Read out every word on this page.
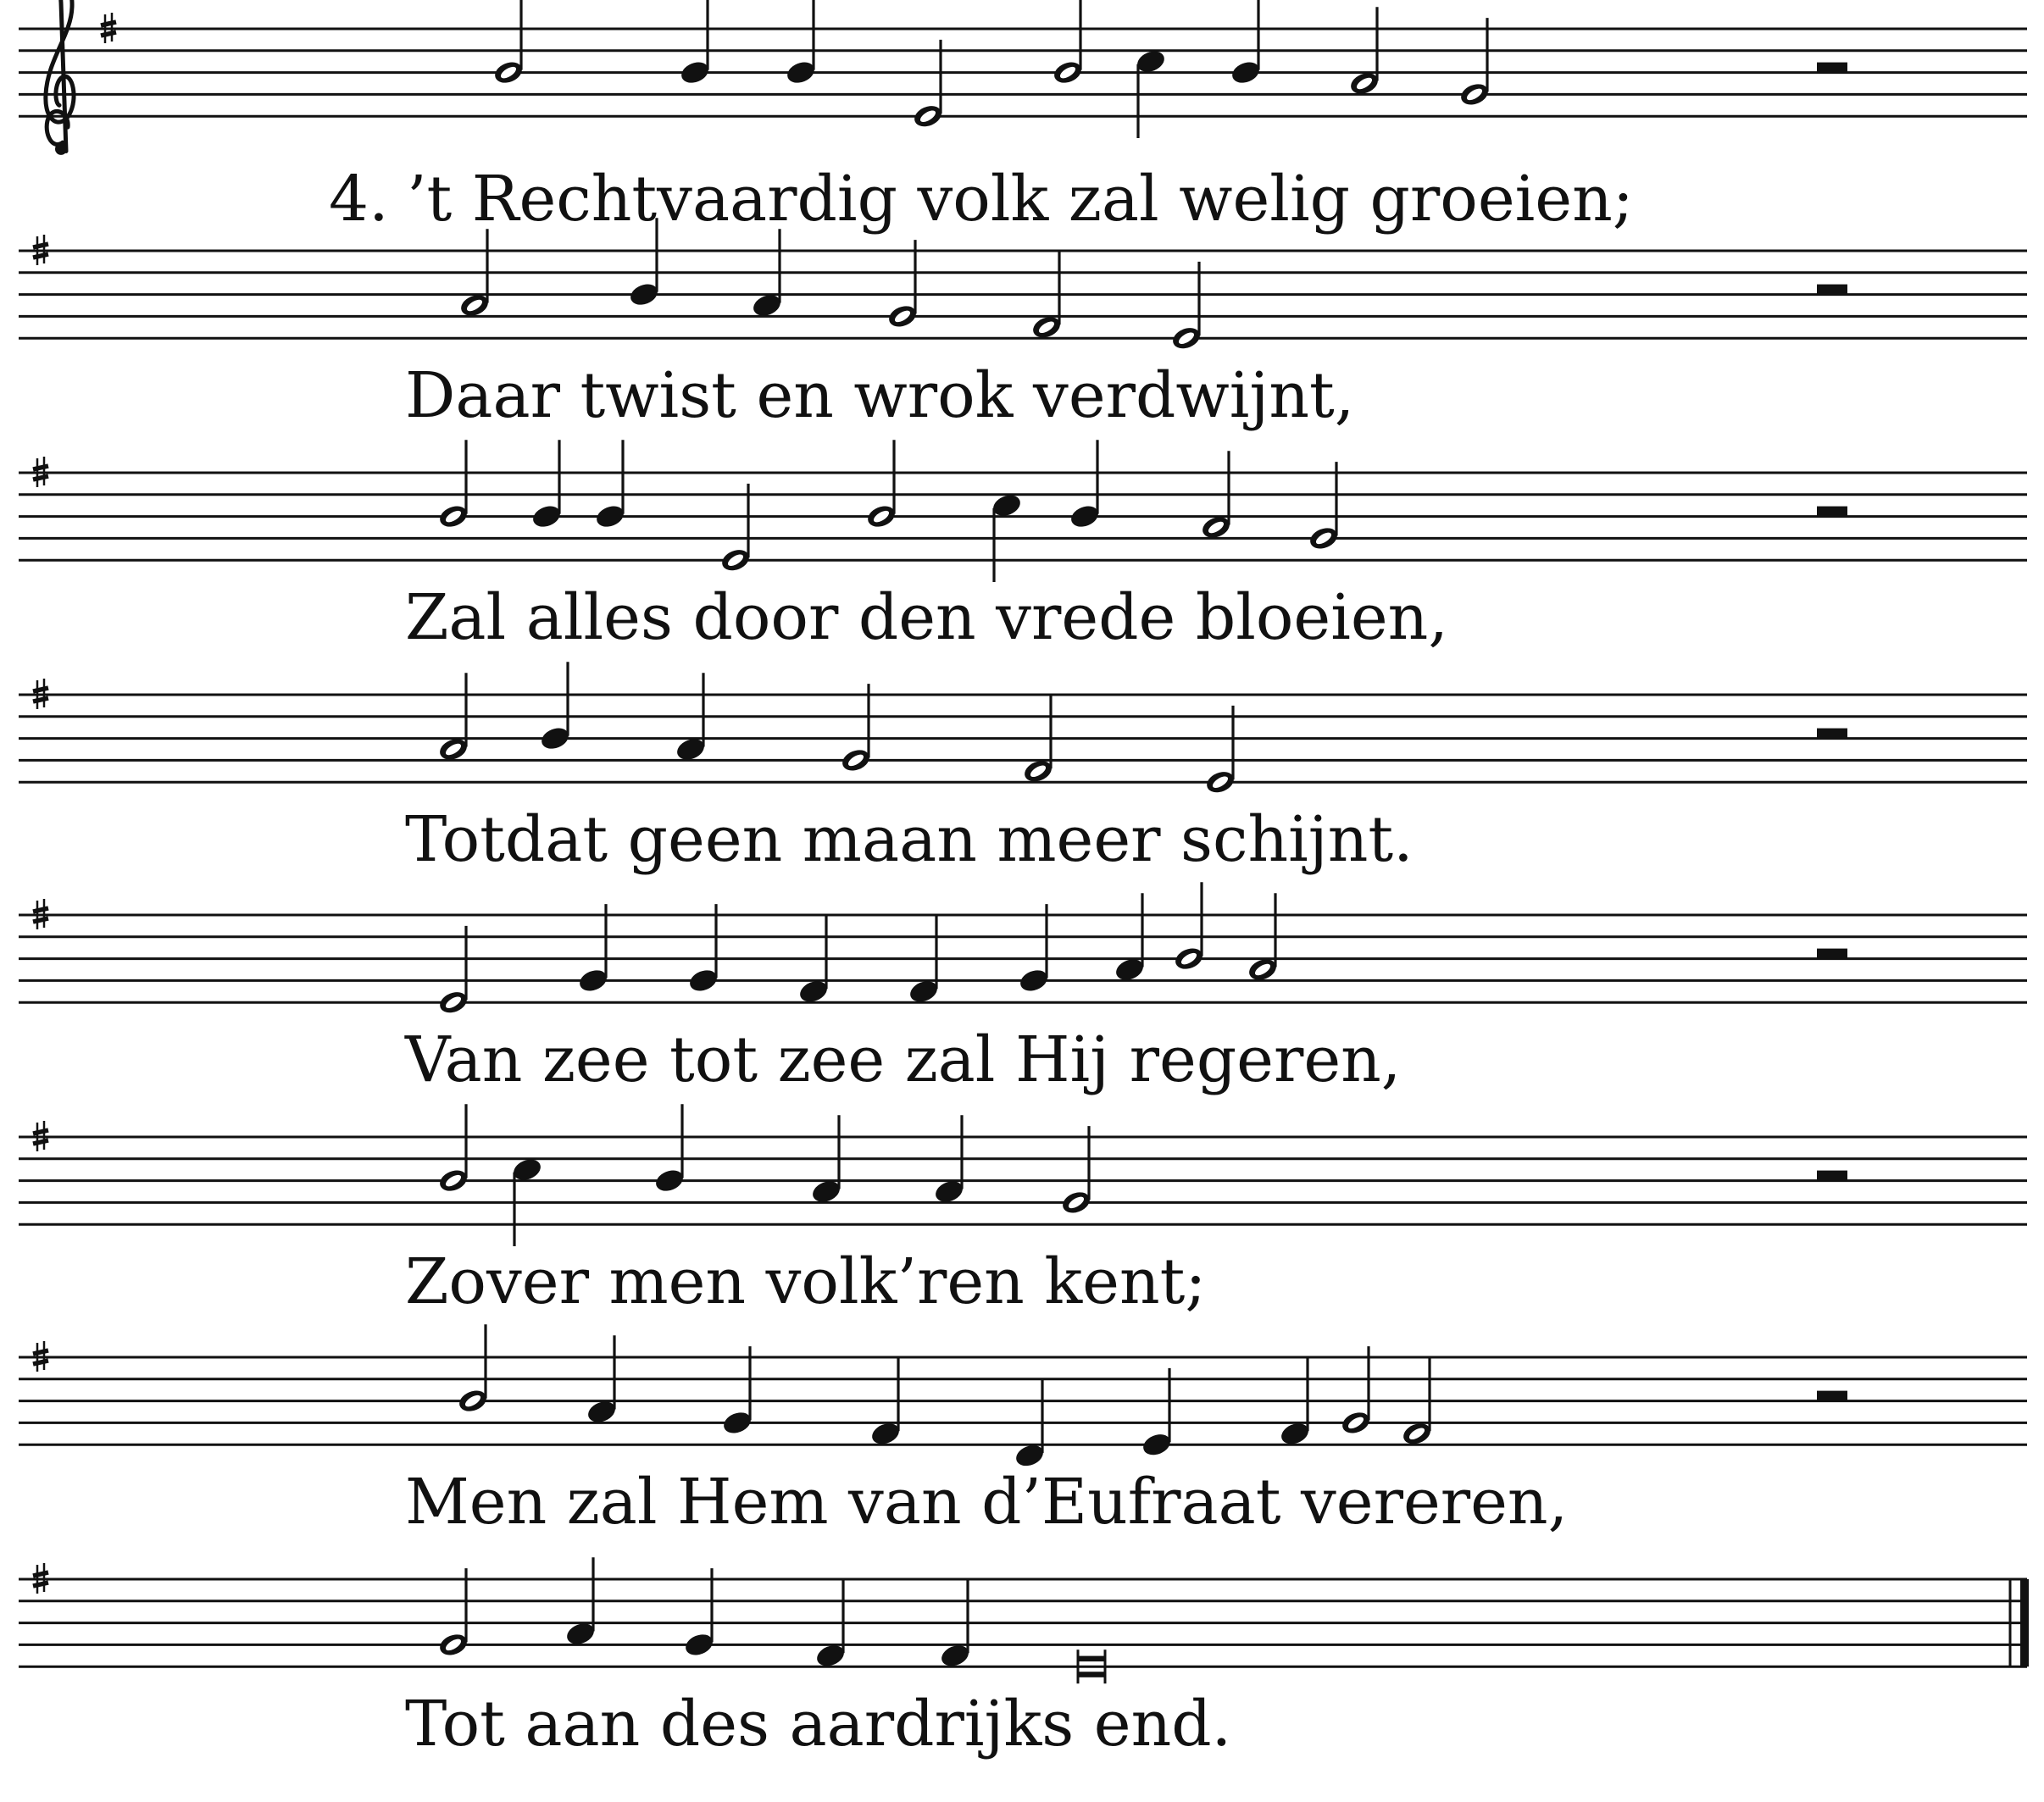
4. ’t Rechtvaardig volk zal welig groeien;
Daar twist en wrok verdwijnt,
Zal alles door den vrede bloeien,
Totdat geen maan meer schijnt.
Van zee tot zee zal Hij regeren,
Zover men volk’ren kent;
Men zal Hem van d’Eufraat vereren,
Tot aan des aardrijks end.
